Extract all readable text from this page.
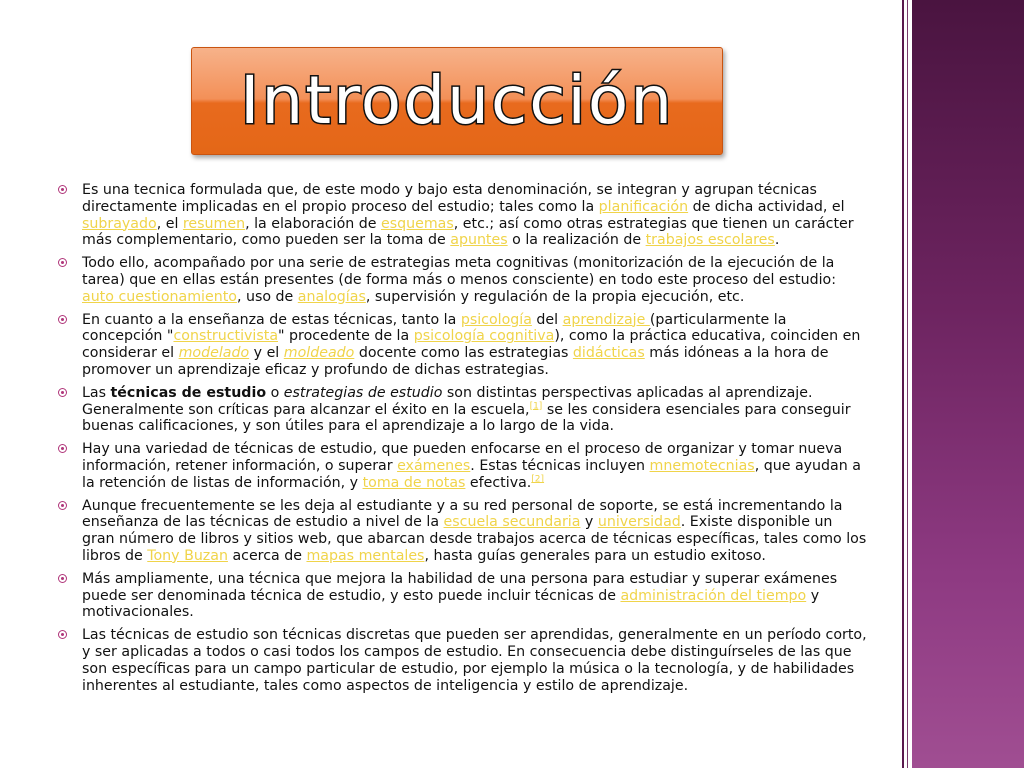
Introducción
Es una tecnica formulada que, de este modo y bajo esta denominación, se integran y agrupan técnicas directamente implicadas en el propio proceso del estudio; tales como la planificación de dicha actividad, el subrayado, el resumen, la elaboración de esquemas, etc.; así como otras estrategias que tienen un carácter más complementario, como pueden ser la toma de apuntes o la realización de trabajos escolares.
Todo ello, acompañado por una serie de estrategias meta cognitivas (monitorización de la ejecución de la tarea) que en ellas están presentes (de forma más o menos consciente) en todo este proceso del estudio: auto cuestionamiento, uso de analogías, supervisión y regulación de la propia ejecución, etc.
En cuanto a la enseñanza de estas técnicas, tanto la psicología del aprendizaje (particularmente la concepción "constructivista" procedente de la psicología cognitiva), como la práctica educativa, coinciden en considerar el modelado y el moldeado docente como las estrategias didácticas más idóneas a la hora de promover un aprendizaje eficaz y profundo de dichas estrategias.
Las técnicas de estudio o estrategias de estudio son distintas perspectivas aplicadas al aprendizaje. Generalmente son críticas para alcanzar el éxito en la escuela,[1] se les considera esenciales para conseguir buenas calificaciones, y son útiles para el aprendizaje a lo largo de la vida.
Hay una variedad de técnicas de estudio, que pueden enfocarse en el proceso de organizar y tomar nueva información, retener información, o superar exámenes. Estas técnicas incluyen mnemotecnias, que ayudan a la retención de listas de información, y toma de notas efectiva.[2]
Aunque frecuentemente se les deja al estudiante y a su red personal de soporte, se está incrementando la enseñanza de las técnicas de estudio a nivel de la escuela secundaria y universidad. Existe disponible un gran número de libros y sitios web, que abarcan desde trabajos acerca de técnicas específicas, tales como los libros de Tony Buzan acerca de mapas mentales, hasta guías generales para un estudio exitoso.
Más ampliamente, una técnica que mejora la habilidad de una persona para estudiar y superar exámenes puede ser denominada técnica de estudio, y esto puede incluir técnicas de administración del tiempo y motivacionales.
Las técnicas de estudio son técnicas discretas que pueden ser aprendidas, generalmente en un período corto, y ser aplicadas a todos o casi todos los campos de estudio. En consecuencia debe distinguírseles de las que son específicas para un campo particular de estudio, por ejemplo la música o la tecnología, y de habilidades inherentes al estudiante, tales como aspectos de inteligencia y estilo de aprendizaje.
